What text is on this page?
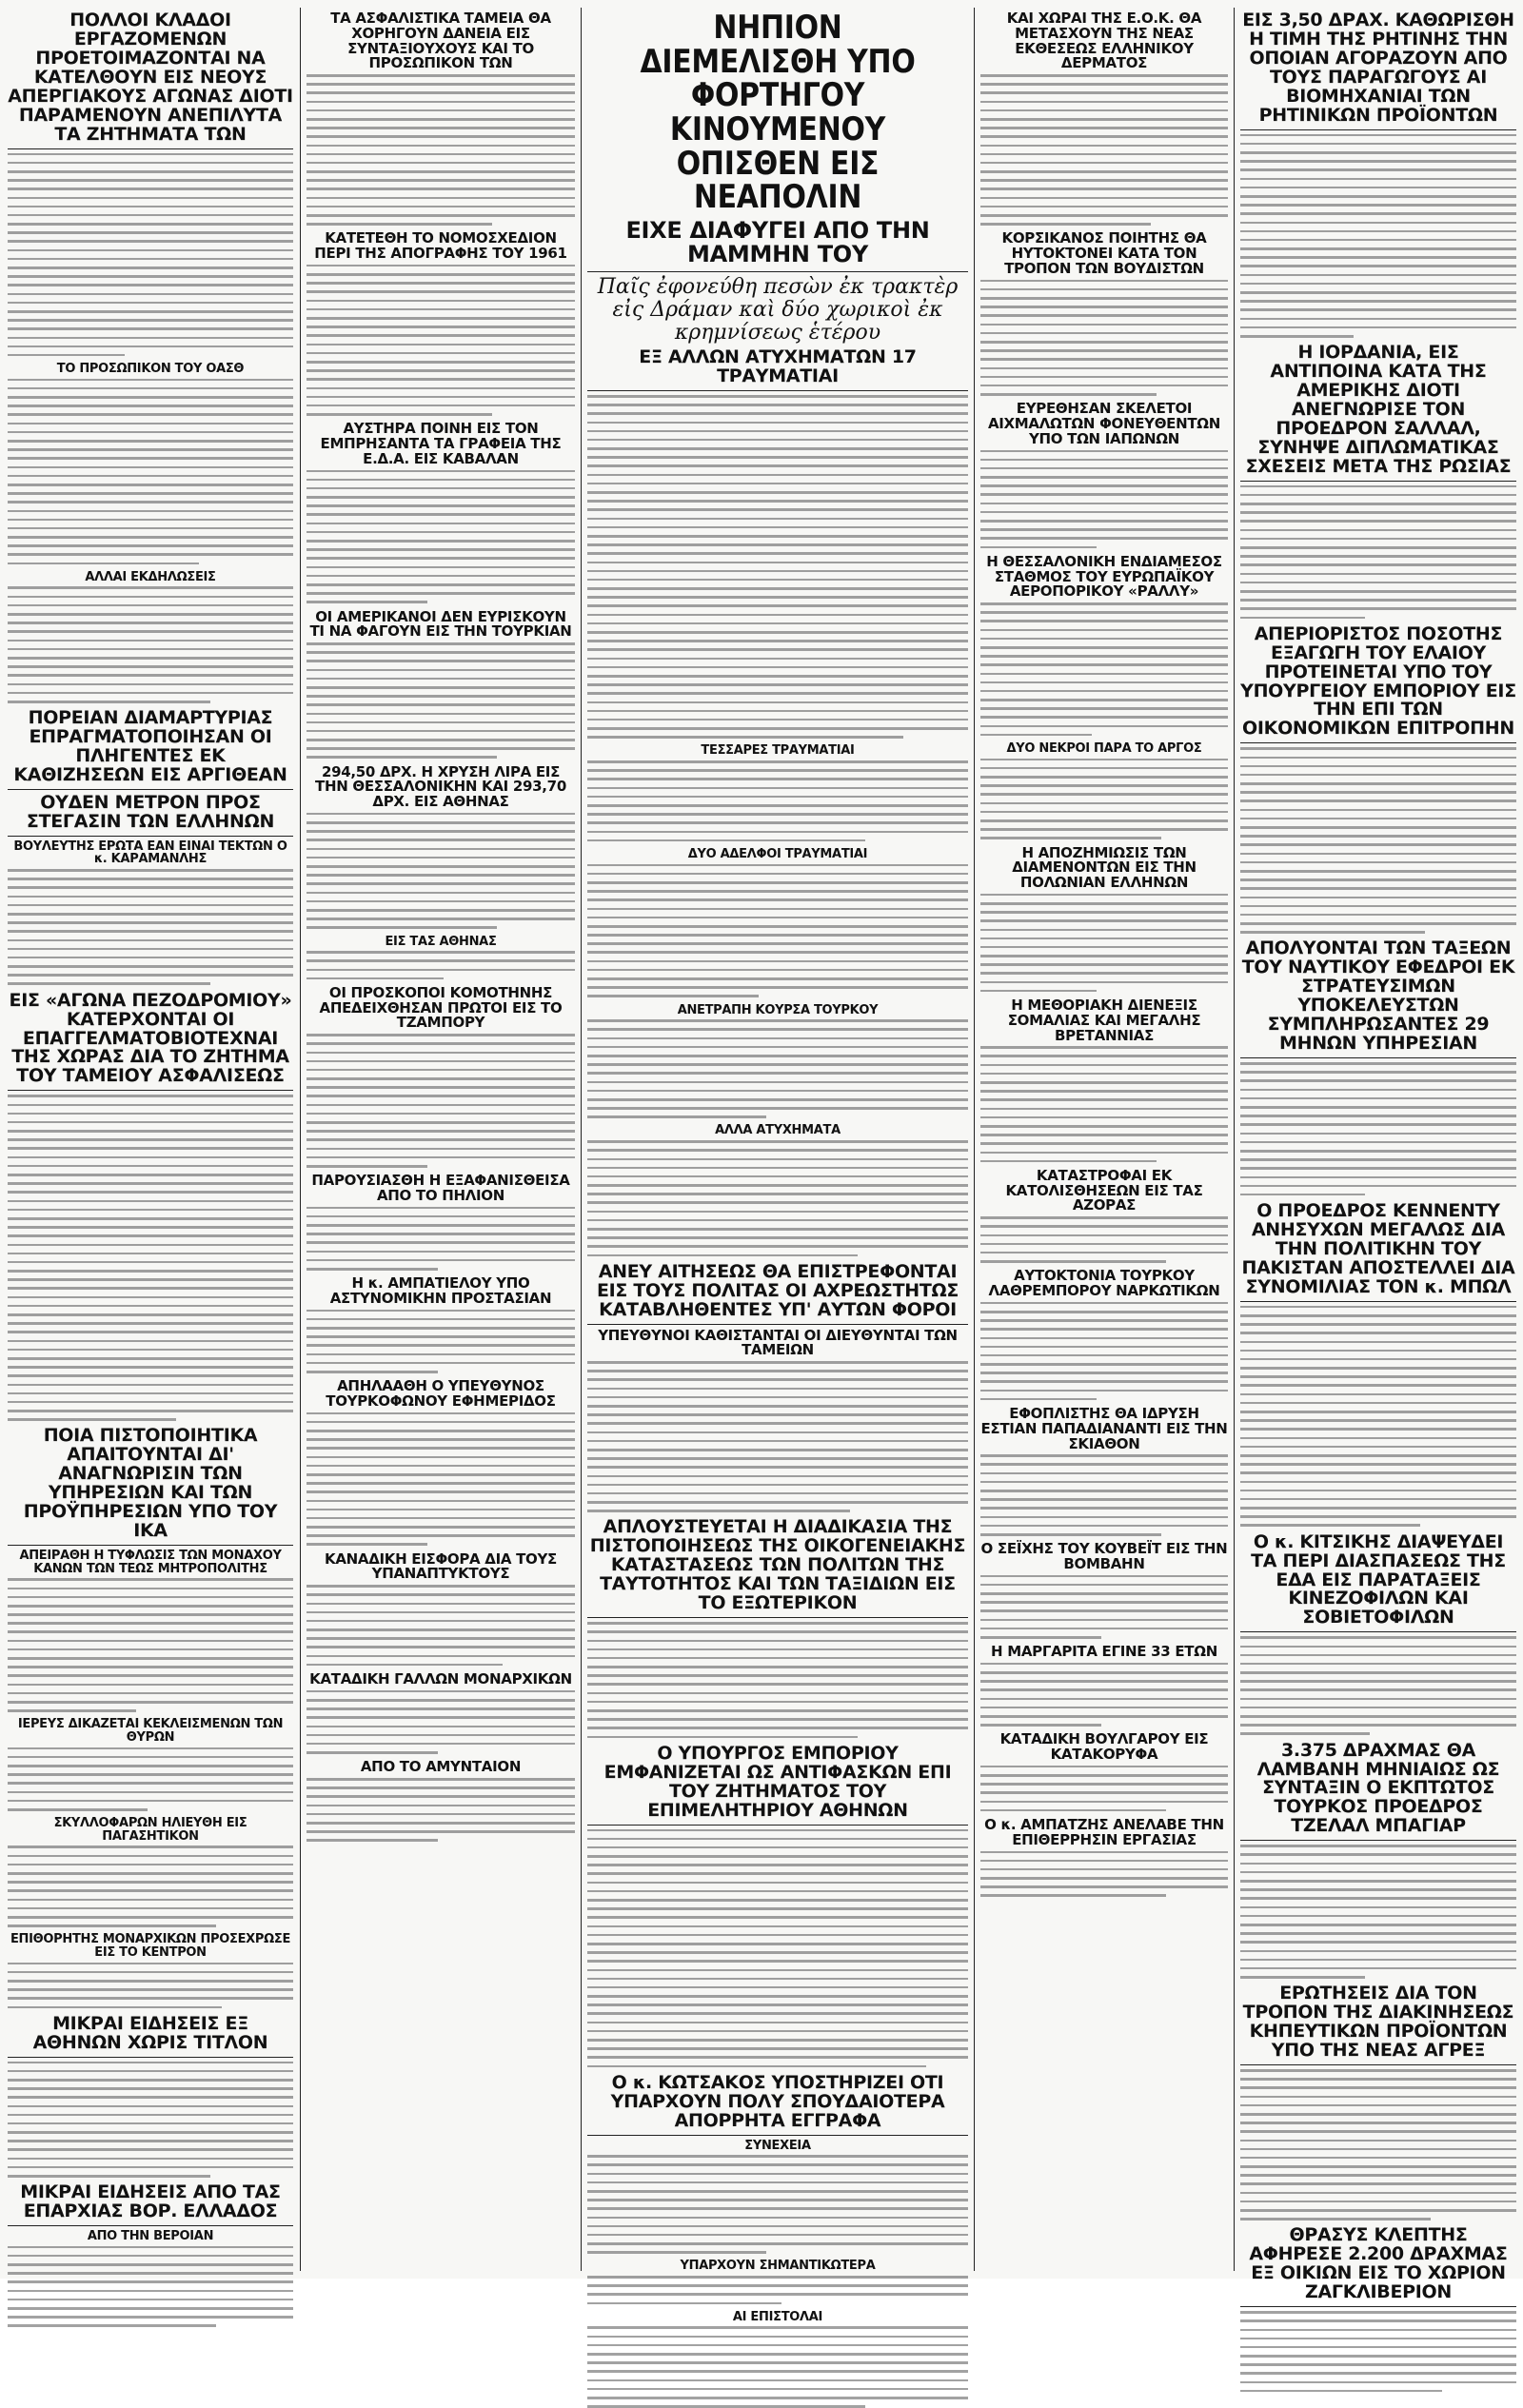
ΠΟΛΛΟΙ ΚΛΑΔΟΙ ΕΡΓΑΖΟΜΕΝΩΝ ΠΡΟΕΤΟΙΜΑΖΟΝΤΑΙ ΝΑ ΚΑΤΕΛΘΟΥΝ ΕΙΣ ΝΕΟΥΣ ΑΠΕΡΓΙΑΚΟΥΣ ΑΓΩΝΑΣ ΔΙΟΤΙ ΠΑΡΑΜΕΝΟΥΝ ΑΝΕΠΙΛΥΤΑ ΤΑ ΖΗΤΗΜΑΤΑ ΤΩΝ
ΤΟ ΠΡΟΣΩΠΙΚΟΝ ΤΟΥ ΟΑΣΘ
ΑΛΛΑΙ ΕΚΔΗΛΩΣΕΙΣ
ΠΟΡΕΙΑΝ ΔΙΑΜΑΡΤΥΡΙΑΣ ΕΠΡΑΓΜΑΤΟΠΟΙΗΣΑΝ ΟΙ ΠΛΗΓΕΝΤΕΣ ΕΚ ΚΑΘΙΖΗΣΕΩΝ ΕΙΣ ΑΡΓΙΘΕΑΝ
ΟΥΔΕΝ ΜΕΤΡΟΝ ΠΡΟΣ ΣΤΕΓΑΣΙΝ ΤΩΝ ΕΛΛΗΝΩΝ
ΒΟΥΛΕΥΤΗΣ ΕΡΩΤΑ ΕΑΝ ΕΙΝΑΙ ΤΕΚΤΩΝ Ο κ. ΚΑΡΑΜΑΝΛΗΣ
ΕΙΣ «ΑΓΩΝΑ ΠΕΖΟΔΡΟΜΙΟΥ» ΚΑΤΕΡΧΟΝΤΑΙ ΟΙ ΕΠΑΓΓΕΛΜΑΤΟΒΙΟΤΕΧΝΑΙ ΤΗΣ ΧΩΡΑΣ ΔΙΑ ΤΟ ΖΗΤΗΜΑ ΤΟΥ ΤΑΜΕΙΟΥ ΑΣΦΑΛΙΣΕΩΣ
ΠΟΙΑ ΠΙΣΤΟΠΟΙΗΤΙΚΑ ΑΠΑΙΤΟΥΝΤΑΙ ΔΙ' ΑΝΑΓΝΩΡΙΣΙΝ ΤΩΝ ΥΠΗΡΕΣΙΩΝ ΚΑΙ ΤΩΝ ΠΡΟΫΠΗΡΕΣΙΩΝ ΥΠΟ ΤΟΥ ΙΚΑ
ΑΠΕΙΡΑΘΗ Η ΤΥΦΛΩΣΙΣ ΤΩΝ ΜΟΝΑΧΟΥ ΚΑΝΩΝ ΤΩΝ ΤΕΩΣ ΜΗΤΡΟΠΟΛΙΤΗΣ
ΙΕΡΕΥΣ ΔΙΚΑΖΕΤΑΙ ΚΕΚΛΕΙΣΜΕΝΩΝ ΤΩΝ ΘΥΡΩΝ
ΣΚΥΛΛΟΦΑΡΩΝ ΗΛΙΕΥΘΗ ΕΙΣ ΠΑΓΑΣΗΤΙΚΟΝ
ΕΠΙΘΟΡΗΤΗΣ ΜΟΝΑΡΧΙΚΩΝ ΠΡΟΣΕΧΡΩΣΕ ΕΙΣ ΤΟ ΚΕΝΤΡΟΝ
ΜΙΚΡΑΙ ΕΙΔΗΣΕΙΣ ΕΞ ΑΘΗΝΩΝ ΧΩΡΙΣ ΤΙΤΛΟΝ
ΜΙΚΡΑΙ ΕΙΔΗΣΕΙΣ ΑΠΟ ΤΑΣ ΕΠΑΡΧΙΑΣ ΒΟΡ. ΕΛΛΑΔΟΣ
ΑΠΟ ΤΗΝ ΒΕΡΟΙΑΝ
ΤΑ ΑΣΦΑΛΙΣΤΙΚΑ ΤΑΜΕΙΑ ΘΑ ΧΟΡΗΓΟΥΝ ΔΑΝΕΙΑ ΕΙΣ ΣΥΝΤΑΞΙΟΥΧΟΥΣ ΚΑΙ ΤΟ ΠΡΟΣΩΠΙΚΟΝ ΤΩΝ
ΚΑΤΕΤΕΘΗ ΤΟ ΝΟΜΟΣΧΕΔΙΟΝ ΠΕΡΙ ΤΗΣ ΑΠΟΓΡΑΦΗΣ ΤΟΥ 1961
ΑΥΣΤΗΡΑ ΠΟΙΝΗ ΕΙΣ ΤΟΝ ΕΜΠΡΗΣΑΝΤΑ ΤΑ ΓΡΑΦΕΙΑ ΤΗΣ Ε.Δ.Α. ΕΙΣ ΚΑΒΑΛΑΝ
ΟΙ ΑΜΕΡΙΚΑΝΟΙ ΔΕΝ ΕΥΡΙΣΚΟΥΝ ΤΙ ΝΑ ΦΑΓΟΥΝ ΕΙΣ ΤΗΝ ΤΟΥΡΚΙΑΝ
294,50 ΔΡΧ. Η ΧΡΥΣΗ ΛΙΡΑ ΕΙΣ ΤΗΝ ΘΕΣΣΑΛΟΝΙΚΗΝ ΚΑΙ 293,70 ΔΡΧ. ΕΙΣ ΑΘΗΝΑΣ
ΕΙΣ ΤΑΣ ΑΘΗΝΑΣ
ΟΙ ΠΡΟΣΚΟΠΟΙ ΚΟΜΟΤΗΝΗΣ ΑΠΕΔΕΙΧΘΗΣΑΝ ΠΡΩΤΟΙ ΕΙΣ ΤΟ ΤΖΑΜΠΟΡΥ
ΠΑΡΟΥΣΙΑΣΘΗ Η ΕΞΑΦΑΝΙΣΘΕΙΣΑ ΑΠΟ ΤΟ ΠΗΛΙΟΝ
Η κ. ΑΜΠΑΤΙΕΛΟΥ ΥΠΟ ΑΣΤΥΝΟΜΙΚΗΝ ΠΡΟΣΤΑΣΙΑΝ
ΑΠΗΛΑΑΘΗ Ο ΥΠΕΥΘΥΝΟΣ ΤΟΥΡΚΟΦΩΝΟΥ ΕΦΗΜΕΡΙΔΟΣ
ΚΑΝΑΔΙΚΗ ΕΙΣΦΟΡΑ ΔΙΑ ΤΟΥΣ ΥΠΑΝΑΠΤΥΚΤΟΥΣ
ΚΑΤΑΔΙΚΗ ΓΑΛΛΩΝ ΜΟΝΑΡΧΙΚΩΝ
ΑΠΟ ΤΟ ΑΜΥΝΤΑΙΟΝ
ΝΗΠΙΟΝ ΔΙΕΜΕΛΙΣΘΗ ΥΠΟ ΦΟΡΤΗΓΟΥ ΚΙΝΟΥΜΕΝΟΥ ΟΠΙΣΘΕΝ ΕΙΣ ΝΕΑΠΟΛΙΝ
ΕΙΧΕ ΔΙΑΦΥΓΕΙ ΑΠΟ ΤΗΝ ΜΑΜΜΗΝ ΤΟΥ
Παῖς ἐφονεύθη πεσὼν ἐκ τρακτὲρ εἰς Δράμαν καὶ δύο χωρικοὶ ἐκ κρημνίσεως ἑτέρου
ΕΞ ΑΛΛΩΝ ΑΤΥΧΗΜΑΤΩΝ 17 ΤΡΑΥΜΑΤΙΑΙ
ΤΕΣΣΑΡΕΣ ΤΡΑΥΜΑΤΙΑΙ
ΔΥΟ ΑΔΕΛΦΟΙ ΤΡΑΥΜΑΤΙΑΙ
ΑΝΕΤΡΑΠΗ ΚΟΥΡΣΑ ΤΟΥΡΚΟΥ
ΑΛΛΑ ΑΤΥΧΗΜΑΤΑ
ΑΝΕΥ ΑΙΤΗΣΕΩΣ ΘΑ ΕΠΙΣΤΡΕΦΟΝΤΑΙ ΕΙΣ ΤΟΥΣ ΠΟΛΙΤΑΣ ΟΙ ΑΧΡΕΩΣΤΗΤΩΣ ΚΑΤΑΒΛΗΘΕΝΤΕΣ ΥΠ' ΑΥΤΩΝ ΦΟΡΟΙ
ΥΠΕΥΘΥΝΟΙ ΚΑΘΙΣΤΑΝΤΑΙ ΟΙ ΔΙΕΥΘΥΝΤΑΙ ΤΩΝ ΤΑΜΕΙΩΝ
ΑΠΛΟΥΣΤΕΥΕΤΑΙ Η ΔΙΑΔΙΚΑΣΙΑ ΤΗΣ ΠΙΣΤΟΠΟΙΗΣΕΩΣ ΤΗΣ ΟΙΚΟΓΕΝΕΙΑΚΗΣ ΚΑΤΑΣΤΑΣΕΩΣ ΤΩΝ ΠΟΛΙΤΩΝ ΤΗΣ ΤΑΥΤΟΤΗΤΟΣ ΚΑΙ ΤΩΝ ΤΑΞΙΔΙΩΝ ΕΙΣ ΤΟ ΕΞΩΤΕΡΙΚΟΝ
Ο ΥΠΟΥΡΓΟΣ ΕΜΠΟΡΙΟΥ ΕΜΦΑΝΙΖΕΤΑΙ ΩΣ ΑΝΤΙΦΑΣΚΩΝ ΕΠΙ ΤΟΥ ΖΗΤΗΜΑΤΟΣ ΤΟΥ ΕΠΙΜΕΛΗΤΗΡΙΟΥ ΑΘΗΝΩΝ
Ο κ. ΚΩΤΣΑΚΟΣ ΥΠΟΣΤΗΡΙΖΕΙ ΟΤΙ ΥΠΑΡΧΟΥΝ ΠΟΛΥ ΣΠΟΥΔΑΙΟΤΕΡΑ ΑΠΟΡΡΗΤΑ ΕΓΓΡΑΦΑ
ΣΥΝΕΧΕΙΑ
ΥΠΑΡΧΟΥΝ ΣΗΜΑΝΤΙΚΩΤΕΡΑ
ΑΙ ΕΠΙΣΤΟΛΑΙ
ΚΑΙ ΧΩΡΑΙ ΤΗΣ Ε.Ο.Κ. ΘΑ ΜΕΤΑΣΧΟΥΝ ΤΗΣ ΝΕΑΣ ΕΚΘΕΣΕΩΣ ΕΛΛΗΝΙΚΟΥ ΔΕΡΜΑΤΟΣ
ΚΟΡΣΙΚΑΝΟΣ ΠΟΙΗΤΗΣ ΘΑ ΗΥΤΟΚΤΟΝΕΙ ΚΑΤΑ ΤΟΝ ΤΡΟΠΟΝ ΤΩΝ ΒΟΥΔΙΣΤΩΝ
ΕΥΡΕΘΗΣΑΝ ΣΚΕΛΕΤΟΙ ΑΙΧΜΑΛΩΤΩΝ ΦΟΝΕΥΘΕΝΤΩΝ ΥΠΟ ΤΩΝ ΙΑΠΩΝΩΝ
Η ΘΕΣΣΑΛΟΝΙΚΗ ΕΝΔΙΑΜΕΣΟΣ ΣΤΑΘΜΟΣ ΤΟΥ ΕΥΡΩΠΑΪΚΟΥ ΑΕΡΟΠΟΡΙΚΟΥ «ΡΑΛΛΥ»
ΔΥΟ ΝΕΚΡΟΙ ΠΑΡΑ ΤΟ ΑΡΓΟΣ
Η ΑΠΟΖΗΜΙΩΣΙΣ ΤΩΝ ΔΙΑΜΕΝΟΝΤΩΝ ΕΙΣ ΤΗΝ ΠΟΛΩΝΙΑΝ ΕΛΛΗΝΩΝ
Η ΜΕΘΟΡΙΑΚΗ ΔΙΕΝΕΞΙΣ ΣΟΜΑΛΙΑΣ ΚΑΙ ΜΕΓΑΛΗΣ ΒΡΕΤΑΝΝΙΑΣ
ΚΑΤΑΣΤΡΟΦΑΙ ΕΚ ΚΑΤΟΛΙΣΘΗΣΕΩΝ ΕΙΣ ΤΑΣ ΑΖΟΡΑΣ
ΑΥΤΟΚΤΟΝΙΑ ΤΟΥΡΚΟΥ ΛΑΘΡΕΜΠΟΡΟΥ ΝΑΡΚΩΤΙΚΩΝ
ΕΦΟΠΛΙΣΤΗΣ ΘΑ ΙΔΡΥΣΗ ΕΣΤΙΑΝ ΠΑΠΑΔΙΑΝΑΝΤΙ ΕΙΣ ΤΗΝ ΣΚΙΑΘΟΝ
Ο ΣΕΪΧΗΣ ΤΟΥ ΚΟΥΒΕΪΤ ΕΙΣ ΤΗΝ ΒΟΜΒΑΗΝ
Η ΜΑΡΓΑΡΙΤΑ ΕΓΙΝΕ 33 ΕΤΩΝ
ΚΑΤΑΔΙΚΗ ΒΟΥΛΓΑΡΟΥ ΕΙΣ ΚΑΤΑΚΟΡΥΦΑ
Ο κ. ΑΜΠΑΤΖΗΣ ΑΝΕΛΑΒΕ ΤΗΝ ΕΠΙΘΕΡΡΗΣΙΝ ΕΡΓΑΣΙΑΣ
ΕΙΣ 3,50 ΔΡΑΧ. ΚΑΘΩΡΙΣΘΗ Η ΤΙΜΗ ΤΗΣ ΡΗΤΙΝΗΣ ΤΗΝ ΟΠΟΙΑΝ ΑΓΟΡΑΖΟΥΝ ΑΠΟ ΤΟΥΣ ΠΑΡΑΓΩΓΟΥΣ ΑΙ ΒΙΟΜΗΧΑΝΙΑΙ ΤΩΝ ΡΗΤΙΝΙΚΩΝ ΠΡΟΪΟΝΤΩΝ
Η ΙΟΡΔΑΝΙΑ, ΕΙΣ ΑΝΤΙΠΟΙΝΑ ΚΑΤΑ ΤΗΣ ΑΜΕΡΙΚΗΣ ΔΙΟΤΙ ΑΝΕΓΝΩΡΙΣΕ ΤΟΝ ΠΡΟΕΔΡΟΝ ΣΑΛΛΑΛ, ΣΥΝΗΨΕ ΔΙΠΛΩΜΑΤΙΚΑΣ ΣΧΕΣΕΙΣ ΜΕΤΑ ΤΗΣ ΡΩΣΙΑΣ
ΑΠΕΡΙΟΡΙΣΤΟΣ ΠΟΣΟΤΗΣ ΕΞΑΓΩΓΗ ΤΟΥ ΕΛΑΙΟΥ ΠΡΟΤΕΙΝΕΤΑΙ ΥΠΟ ΤΟΥ ΥΠΟΥΡΓΕΙΟΥ ΕΜΠΟΡΙΟΥ ΕΙΣ ΤΗΝ ΕΠΙ ΤΩΝ ΟΙΚΟΝΟΜΙΚΩΝ ΕΠΙΤΡΟΠΗΝ
ΑΠΟΛΥΟΝΤΑΙ ΤΩΝ ΤΑΞΕΩΝ ΤΟΥ ΝΑΥΤΙΚΟΥ ΕΦΕΔΡΟΙ ΕΚ ΣΤΡΑΤΕΥΣΙΜΩΝ ΥΠΟΚΕΛΕΥΣΤΩΝ ΣΥΜΠΛΗΡΩΣΑΝΤΕΣ 29 ΜΗΝΩΝ ΥΠΗΡΕΣΙΑΝ
Ο ΠΡΟΕΔΡΟΣ ΚΕΝΝΕΝΤΥ ΑΝΗΣΥΧΩΝ ΜΕΓΑΛΩΣ ΔΙΑ ΤΗΝ ΠΟΛΙΤΙΚΗΝ ΤΟΥ ΠΑΚΙΣΤΑΝ ΑΠΟΣΤΕΛΛΕΙ ΔΙΑ ΣΥΝΟΜΙΛΙΑΣ ΤΟΝ κ. ΜΠΩΛ
Ο κ. ΚΙΤΣΙΚΗΣ ΔΙΑΨΕΥΔΕΙ ΤΑ ΠΕΡΙ ΔΙΑΣΠΑΣΕΩΣ ΤΗΣ ΕΔΑ ΕΙΣ ΠΑΡΑΤΑΞΕΙΣ ΚΙΝΕΖΟΦΙΛΩΝ ΚΑΙ ΣΟΒΙΕΤΟΦΙΛΩΝ
3.375 ΔΡΑΧΜΑΣ ΘΑ ΛΑΜΒΑΝΗ ΜΗΝΙΑΙΩΣ ΩΣ ΣΥΝΤΑΞΙΝ Ο ΕΚΠΤΩΤΟΣ ΤΟΥΡΚΟΣ ΠΡΟΕΔΡΟΣ ΤΖΕΛΑΛ ΜΠΑΓΙΑΡ
ΕΡΩΤΗΣΕΙΣ ΔΙΑ ΤΟΝ ΤΡΟΠΟΝ ΤΗΣ ΔΙΑΚΙΝΗΣΕΩΣ ΚΗΠΕΥΤΙΚΩΝ ΠΡΟΪΟΝΤΩΝ ΥΠΟ ΤΗΣ ΝΕΑΣ ΑΓΡΕΞ
ΘΡΑΣΥΣ ΚΛΕΠΤΗΣ ΑΦΗΡΕΣΕ 2.200 ΔΡΑΧΜΑΣ ΕΞ ΟΙΚΙΩΝ ΕΙΣ ΤΟ ΧΩΡΙΟΝ ΖΑΓΚΛΙΒΕΡΙΟΝ
